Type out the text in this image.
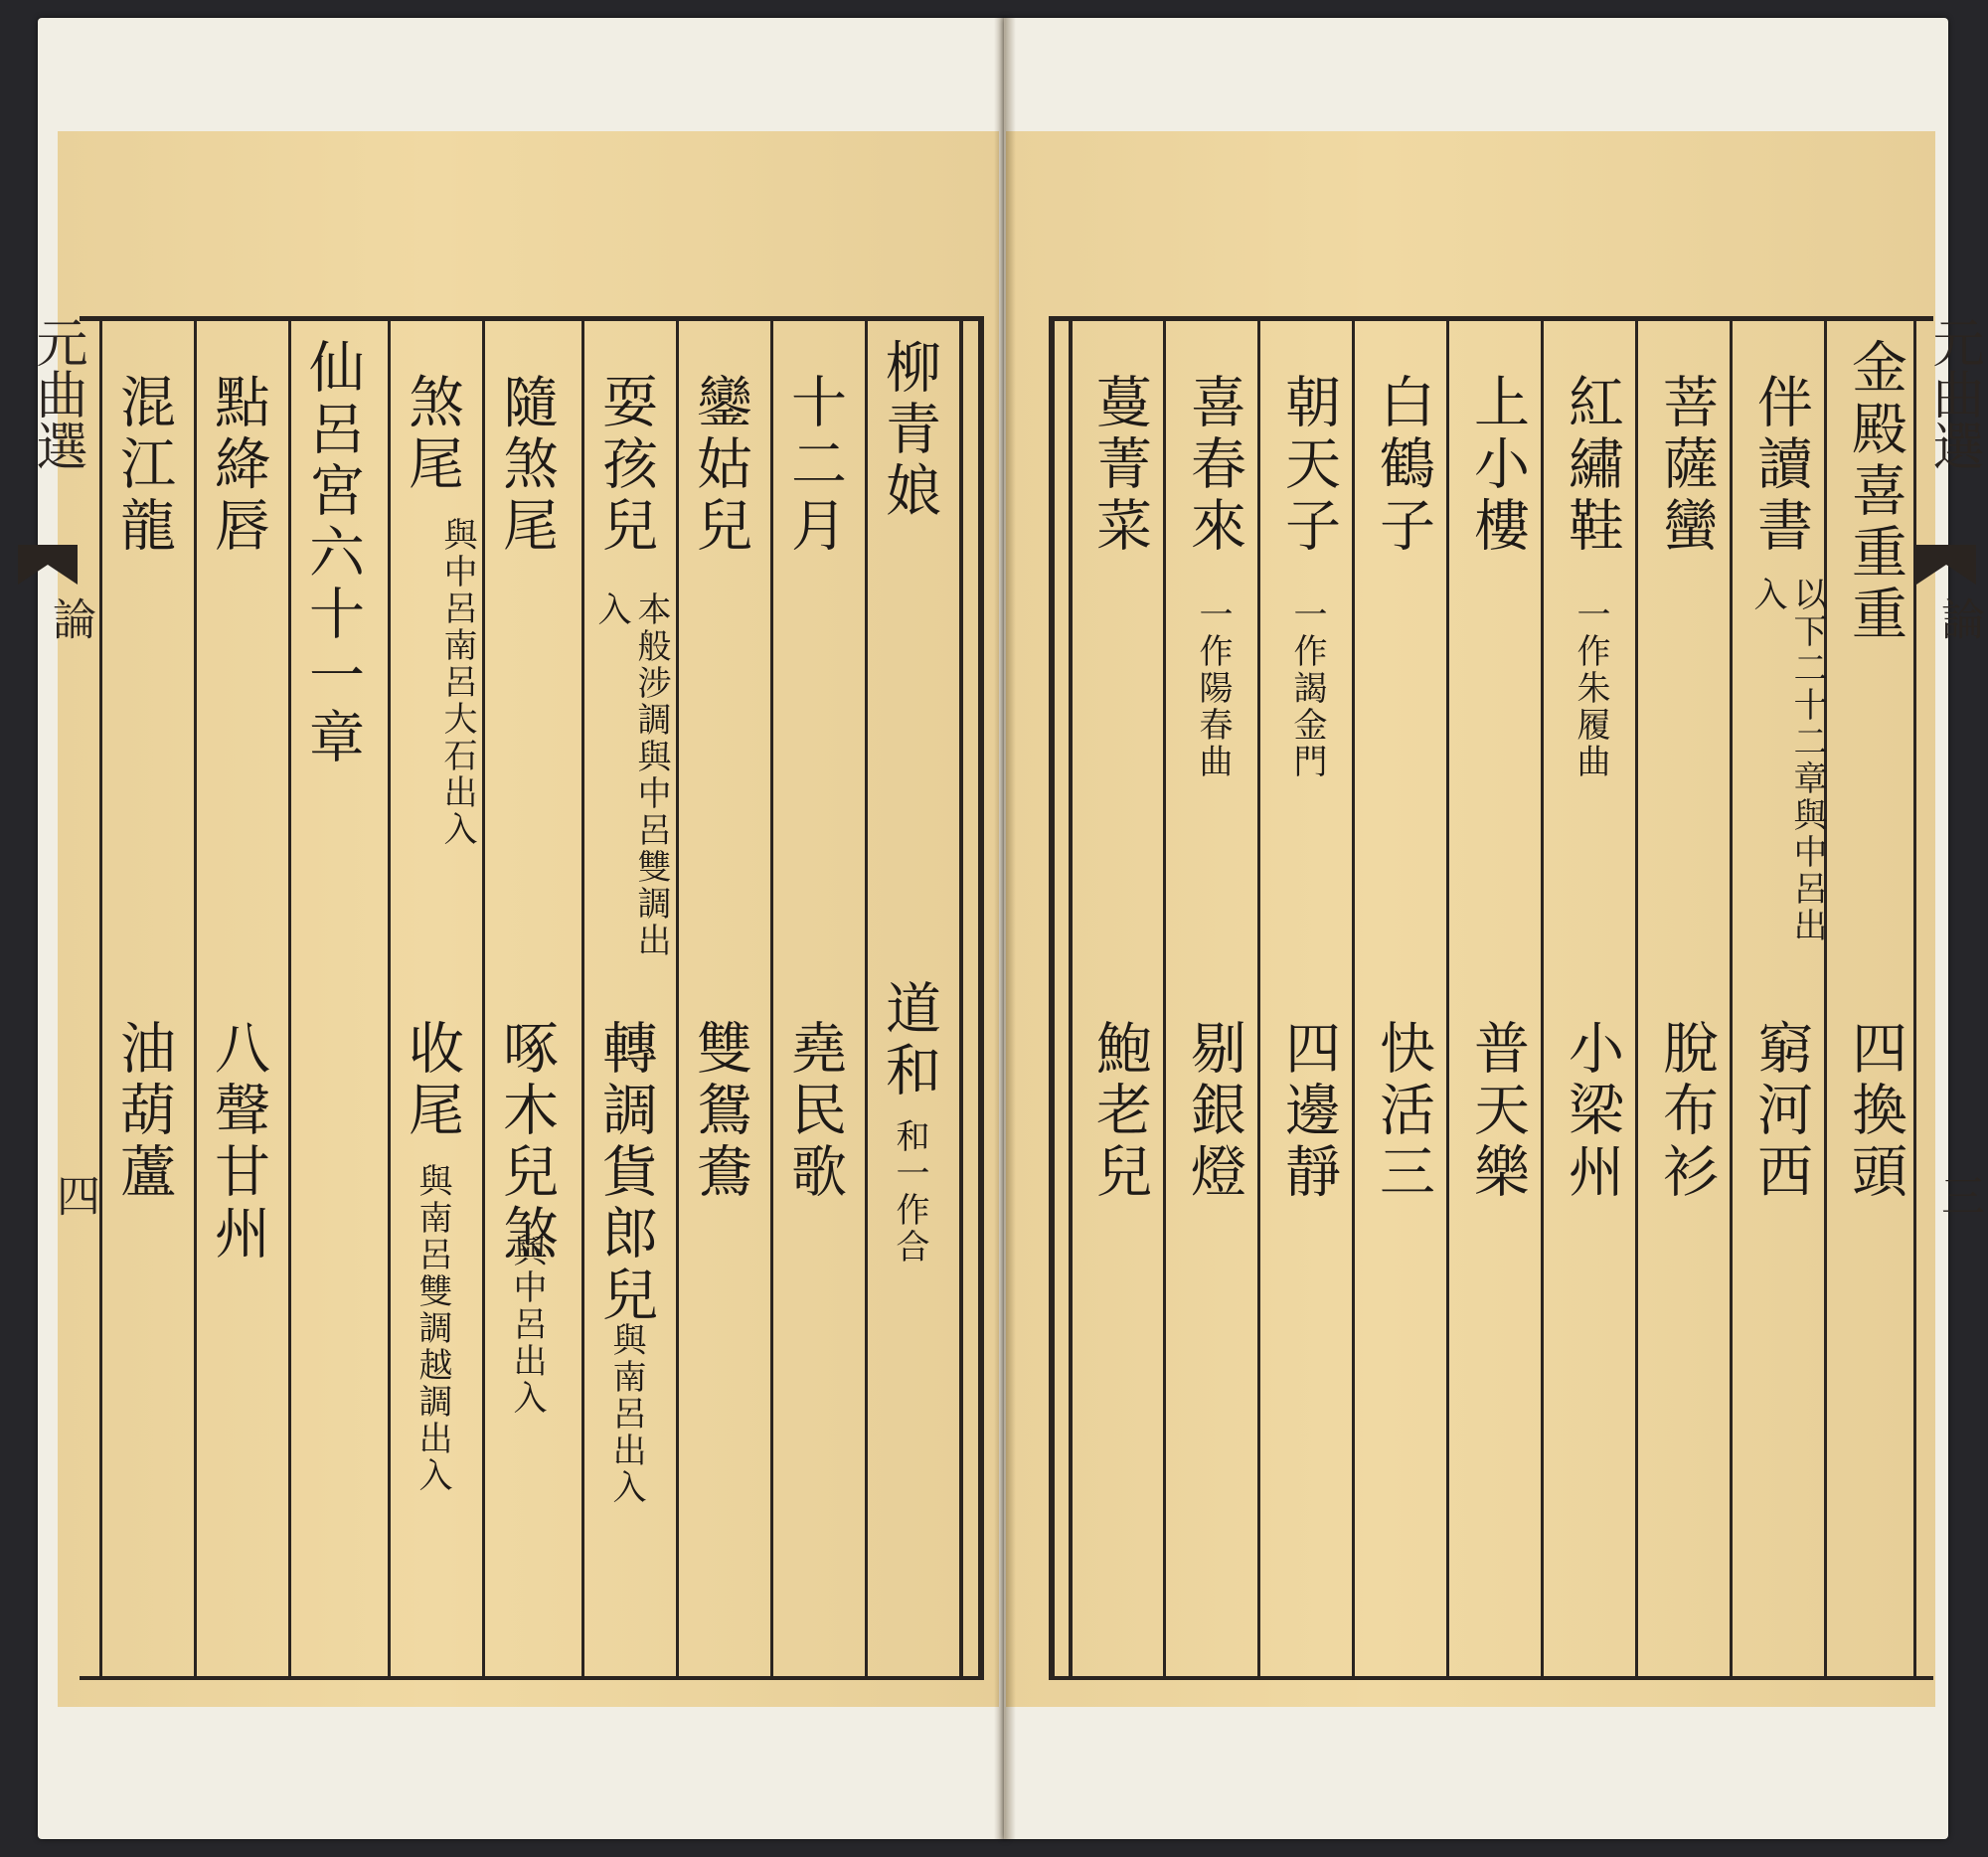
元曲選
論
四
柳青娘
道和
和一作合
十二月
堯民歌
鑾姑兒
雙鴛鴦
耍孩兒
本般涉調與中呂雙調出入
轉調貨郎兒
與南呂出入
隨煞尾
啄木兒煞
與中呂出入
煞尾
與中呂南呂大石出入
收尾
與南呂雙調越調出入
仙呂宮六十一章
點絳唇
八聲甘州
混江龍
油葫蘆
元曲選
論
三
金殿喜重重
四換頭
伴讀書
以下二十二章與中呂出入
窮河西
菩薩蠻
脫布衫
紅繡鞋
一作朱履曲
小梁州
上小樓
普天樂
白鶴子
快活三
朝天子
一作謁金門
四邊靜
喜春來
一作陽春曲
剔銀燈
蔓菁菜
鮑老兒
